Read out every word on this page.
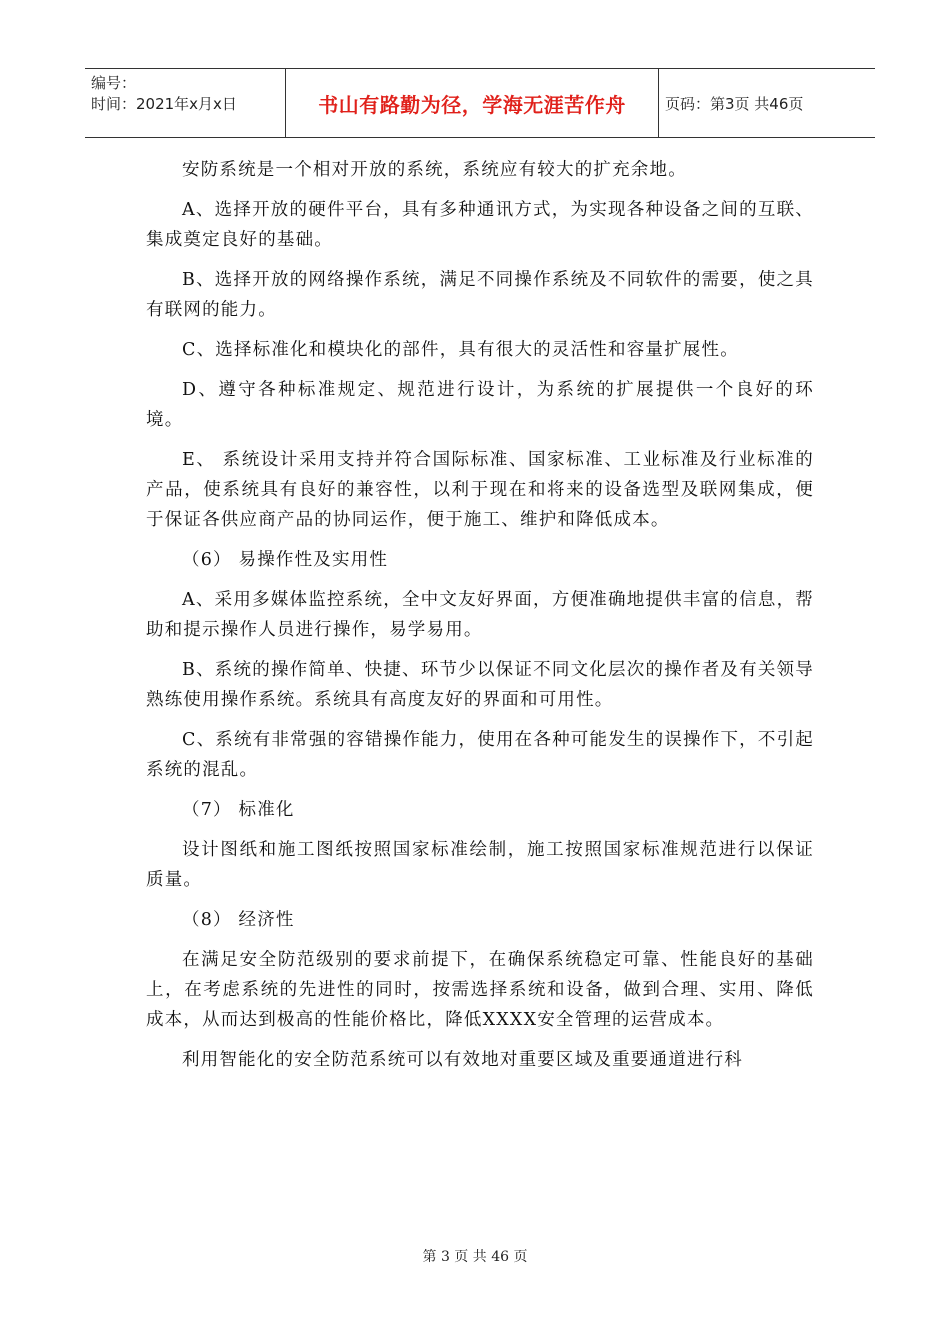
编号：
时间：2021年x月x日	书山有路勤为径，学海无涯苦作舟	页码：第3页 共46页

安防系统是一个相对开放的系统，系统应有较大的扩充余地。

A、选择开放的硬件平台，具有多种通讯方式，为实现各种设备之间的互联、集成奠定良好的基础。

B、选择开放的网络操作系统，满足不同操作系统及不同软件的需要，使之具有联网的能力。

C、选择标准化和模块化的部件，具有很大的灵活性和容量扩展性。

D、遵守各种标准规定、规范进行设计，为系统的扩展提供一个良好的环境。

E、 系统设计采用支持并符合国际标准、国家标准、工业标准及行业标准的产品，使系统具有良好的兼容性，以利于现在和将来的设备选型及联网集成，便于保证各供应商产品的协同运作，便于施工、维护和降低成本。

（6） 易操作性及实用性

A、采用多媒体监控系统，全中文友好界面，方便准确地提供丰富的信息，帮助和提示操作人员进行操作，易学易用。

B、系统的操作简单、快捷、环节少以保证不同文化层次的操作者及有关领导熟练使用操作系统。系统具有高度友好的界面和可用性。

C、系统有非常强的容错操作能力，使用在各种可能发生的误操作下，不引起系统的混乱。

（7） 标准化

设计图纸和施工图纸按照国家标准绘制，施工按照国家标准规范进行以保证质量。

（8） 经济性

在满足安全防范级别的要求前提下，在确保系统稳定可靠、性能良好的基础上，在考虑系统的先进性的同时，按需选择系统和设备，做到合理、实用、降低成本，从而达到极高的性能价格比，降低XXXX安全管理的运营成本。

利用智能化的安全防范系统可以有效地对重要区域及重要通道进行科

第 3 页 共 46 页
